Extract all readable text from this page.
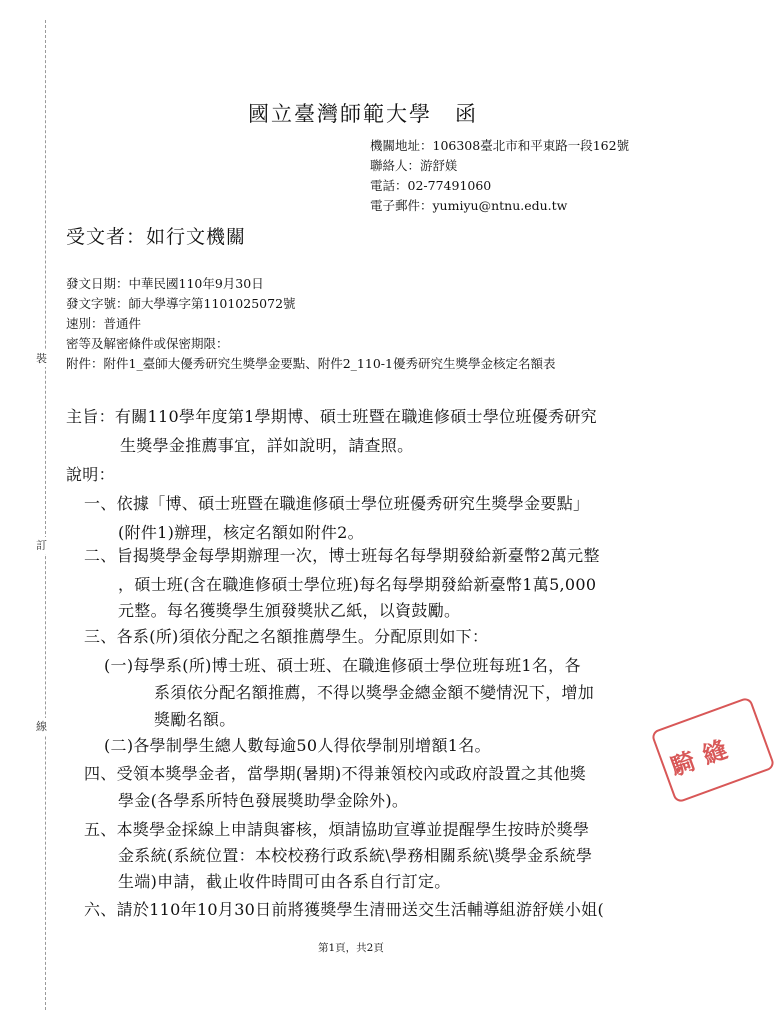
裝
訂
線
國立臺灣師範大學　函
機關地址：106308臺北市和平東路一段162號
聯絡人：游舒媄
電話：02-77491060
電子郵件：yumiyu@ntnu.edu.tw
受文者：如行文機關
發文日期：中華民國110年9月30日
發文字號：師大學導字第1101025072號
速別：普通件
密等及解密條件或保密期限：
附件：附件1_臺師大優秀研究生獎學金要點、附件2_110-1優秀研究生獎學金核定名額表
主旨：有關110學年度第1學期博、碩士班暨在職進修碩士學位班優秀研究
生獎學金推薦事宜，詳如說明，請查照。
說明：
一、依據「博、碩士班暨在職進修碩士學位班優秀研究生獎學金要點」
(附件1)辦理，核定名額如附件2。
二、旨揭獎學金每學期辦理一次，博士班每名每學期發給新臺幣2萬元整
，碩士班(含在職進修碩士學位班)每名每學期發給新臺幣1萬5,000
元整。每名獲獎學生頒發獎狀乙紙，以資鼓勵。
三、各系(所)須依分配之名額推薦學生。分配原則如下：
(一)每學系(所)博士班、碩士班、在職進修碩士學位班每班1名，各
系須依分配名額推薦，不得以獎學金總金額不變情況下，增加
獎勵名額。
(二)各學制學生總人數每逾50人得依學制別增額1名。
四、受領本獎學金者，當學期(暑期)不得兼領校內或政府設置之其他獎
學金(各學系所特色發展獎助學金除外)。
五、本獎學金採線上申請與審核，煩請協助宣導並提醒學生按時於獎學
金系統(系統位置：本校校務行政系統\學務相關系統\獎學金系統學
生端)申請，截止收件時間可由各系自行訂定。
六、請於110年10月30日前將獲獎學生清冊送交生活輔導組游舒媄小姐(
第1頁，共2頁
騎縫
